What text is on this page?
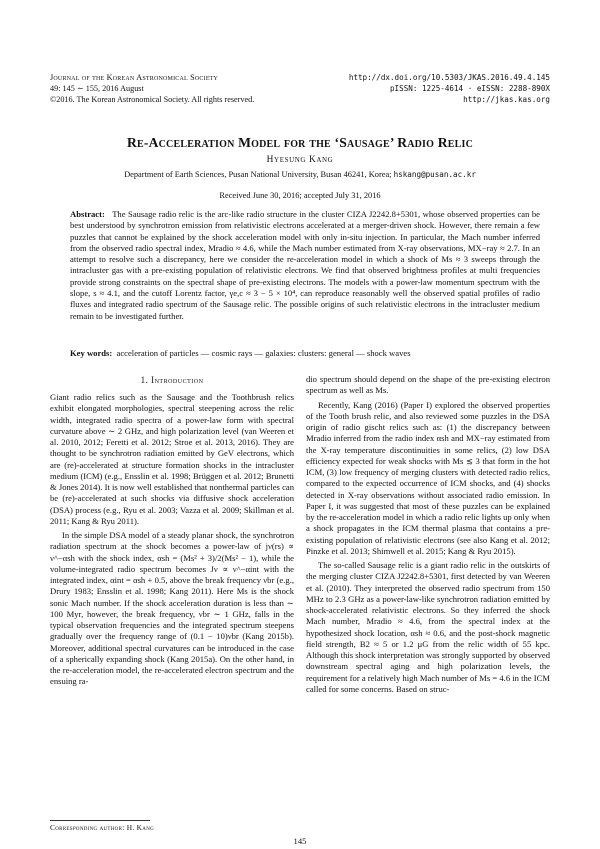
Journal of the Korean Astronomical Society
49: 145 ∼ 155, 2016 August
©2016. The Korean Astronomical Society. All rights reserved.
http://dx.doi.org/10.5303/JKAS.2016.49.4.145
pISSN: 1225-4614 · eISSN: 2288-890X
http://jkas.kas.org
Re-Acceleration Model for the ‘Sausage’ Radio Relic
Hyesung Kang
Department of Earth Sciences, Pusan National University, Busan 46241, Korea; hskang@pusan.ac.kr
Received June 30, 2016; accepted July 31, 2016
Abstract: The Sausage radio relic is the arc-like radio structure in the cluster CIZA J2242.8+5301, whose observed properties can be best understood by synchrotron emission from relativistic electrons accelerated at a merger-driven shock. However, there remain a few puzzles that cannot be explained by the shock acceleration model with only in-situ injection. In particular, the Mach number inferred from the observed radio spectral index, Mradio ≈ 4.6, while the Mach number estimated from X-ray observations, MX−ray ≈ 2.7. In an attempt to resolve such a discrepancy, here we consider the re-acceleration model in which a shock of Ms ≈ 3 sweeps through the intracluster gas with a pre-existing population of relativistic electrons. We find that observed brightness profiles at multi frequencies provide strong constraints on the spectral shape of pre-existing electrons. The models with a power-law momentum spectrum with the slope, s ≈ 4.1, and the cutoff Lorentz factor, γe,c ≈ 3 − 5 × 10⁴, can reproduce reasonably well the observed spatial profiles of radio fluxes and integrated radio spectrum of the Sausage relic. The possible origins of such relativistic electrons in the intracluster medium remain to be investigated further.
Key words: acceleration of particles — cosmic rays — galaxies: clusters: general — shock waves
1. Introduction

Giant radio relics such as the Sausage and the Toothbrush relics exhibit elongated morphologies, spectral steepening across the relic width, integrated radio spectra of a power-law form with spectral curvature above ∼ 2 GHz, and high polarization level (van Weeren et al. 2010, 2012; Feretti et al. 2012; Stroe et al. 2013, 2016). They are thought to be synchrotron radiation emitted by GeV electrons, which are (re)-accelerated at structure formation shocks in the intracluster medium (ICM) (e.g., Ensslin et al. 1998; Brüggen et al. 2012; Brunetti & Jones 2014). It is now well established that nonthermal particles can be (re)-accelerated at such shocks via diffusive shock acceleration (DSA) process (e.g., Ryu et al. 2003; Vazza et al. 2009; Skillman et al. 2011; Kang & Ryu 2011).

In the simple DSA model of a steady planar shock, the synchrotron radiation spectrum at the shock becomes a power-law of jν(rs) ∝ ν^−αsh with the shock index, αsh = (Ms² + 3)/2(Ms² − 1), while the volume-integrated radio spectrum becomes Jν ∝ ν^−αint with the integrated index, αint = αsh + 0.5, above the break frequency νbr (e.g., Drury 1983; Ensslin et al. 1998; Kang 2011). Here Ms is the shock sonic Mach number. If the shock acceleration duration is less than ∼ 100 Myr, however, the break frequency, νbr ∼ 1 GHz, falls in the typical observation frequencies and the integrated spectrum steepens gradually over the frequency range of (0.1 − 10)νbr (Kang 2015b). Moreover, additional spectral curvatures can be introduced in the case of a spherically expanding shock (Kang 2015a). On the other hand, in the re-acceleration model, the re-accelerated electron spectrum and the ensuing ra-

dio spectrum should depend on the shape of the pre-existing electron spectrum as well as Ms.

Recently, Kang (2016) (Paper I) explored the observed properties of the Tooth brush relic, and also reviewed some puzzles in the DSA origin of radio gischt relics such as: (1) the discrepancy between Mradio inferred from the radio index αsh and MX−ray estimated from the X-ray temperature discontinuities in some relics, (2) low DSA efficiency expected for weak shocks with Ms ≲ 3 that form in the hot ICM, (3) low frequency of merging clusters with detected radio relics, compared to the expected occurrence of ICM shocks, and (4) shocks detected in X-ray observations without associated radio emission. In Paper I, it was suggested that most of these puzzles can be explained by the re-acceleration model in which a radio relic lights up only when a shock propagates in the ICM thermal plasma that contains a pre-existing population of relativistic electrons (see also Kang et al. 2012; Pinzke et al. 2013; Shimwell et al. 2015; Kang & Ryu 2015).

The so-called Sausage relic is a giant radio relic in the outskirts of the merging cluster CIZA J2242.8+5301, first detected by van Weeren et al. (2010). They interpreted the observed radio spectrum from 150 MHz to 2.3 GHz as a power-law-like synchrotron radiation emitted by shock-accelerated relativistic electrons. So they inferred the shock Mach number, Mradio ≈ 4.6, from the spectral index at the hypothesized shock location, αsh ≈ 0.6, and the post-shock magnetic field strength, B2 ≈ 5 or 1.2 μG from the relic width of 55 kpc. Although this shock interpretation was strongly supported by observed downstream spectral aging and high polarization levels, the requirement for a relatively high Mach number of Ms = 4.6 in the ICM called for some concerns. Based on struc-

Corresponding author: H. Kang
145
